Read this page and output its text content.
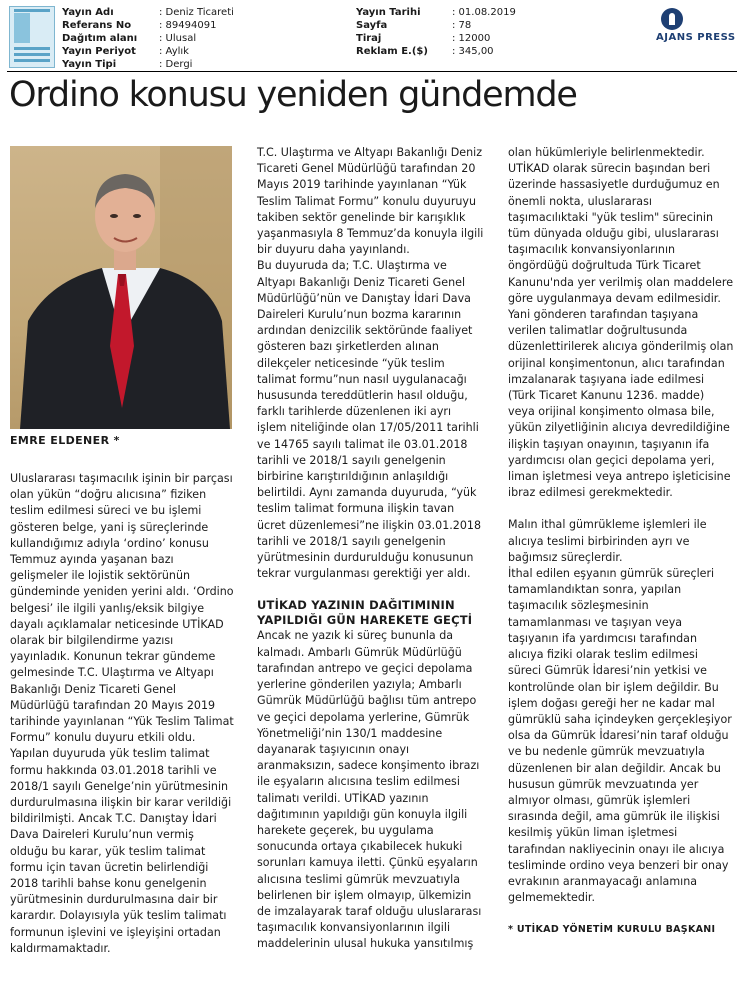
Yayın Adı	: Deniz Ticareti
Referans No	: 89494091
Dağıtım alanı	: Ulusal
Yayın Periyot	: Aylık
Yayın Tipi	: Dergi
Yayın Tarihi	: 01.08.2019
Sayfa	: 78
Tiraj	: 12000
Reklam E.($)	: 345,00
AJANS PRESS
Ordino konusu yeniden gündemde
EMRE ELDENER *

Uluslararası taşımacılık işinin bir parçası olan yükün “doğru alıcısına” fiziken teslim edilmesi süreci ve bu işlemi gösteren belge, yani iş süreçlerinde kullandığımız adıyla ‘ordino’ konusu Temmuz ayında yaşanan bazı gelişmeler ile lojistik sektörünün gündeminde yeniden yerini aldı. ‘Ordino belgesi’ ile ilgili yanlış/eksik bilgiye dayalı açıklamalar neticesinde UTİKAD olarak bir bilgilendirme yazısı yayınladık. Konunun tekrar gündeme gelmesinde T.C. Ulaştırma ve Altyapı Bakanlığı Deniz Ticareti Genel Müdürlüğü tarafından 20 Mayıs 2019 tarihinde yayınlanan “Yük Teslim Talimat Formu” konulu duyuru etkili oldu. Yapılan duyuruda yük teslim talimat formu hakkında 03.01.2018 tarihli ve 2018/1 sayılı Genelge’nin yürütmesinin durdurulmasına ilişkin bir karar verildiği bildirilmişti. Ancak T.C. Danıştay İdari Dava Daireleri Kurulu’nun vermiş olduğu bu karar, yük teslim talimat formu için tavan ücretin belirlendiği 2018 tarihli bahse konu genelgenin yürütmesinin durdurulmasına dair bir karardır. Dolayısıyla yük teslim talimatı formunun işlevini ve işleyişini ortadan kaldırmamaktadır.

T.C. Ulaştırma ve Altyapı Bakanlığı Deniz Ticareti Genel Müdürlüğü tarafından 20 Mayıs 2019 tarihinde yayınlanan “Yük Teslim Talimat Formu” konulu duyuruyu takiben sektör genelinde bir karışıklık yaşanmasıyla 8 Temmuz’da konuyla ilgili bir duyuru daha yayınlandı.

Bu duyuruda da; T.C. Ulaştırma ve Altyapı Bakanlığı Deniz Ticareti Genel Müdürlüğü’nün ve Danıştay İdari Dava Daireleri Kurulu’nun bozma kararının ardından denizcilik sektöründe faaliyet gösteren bazı şirketlerden alınan dilekçeler neticesinde “yük teslim talimat formu”nun nasıl uygulanacağı hususunda tereddütlerin hasıl olduğu, farklı tarihlerde düzenlenen iki ayrı işlem niteliğinde olan 17/05/2011 tarihli ve 14765 sayılı talimat ile 03.01.2018 tarihli ve 2018/1 sayılı genelgenin birbirine karıştırıldığının anlaşıldığı belirtildi. Aynı zamanda duyuruda, “yük teslim talimat formuna ilişkin tavan ücret düzenlemesi”ne ilişkin 03.01.2018 tarihli ve 2018/1 sayılı genelgenin yürütmesinin durdurulduğu konusunun tekrar vurgulanması gerektiği yer aldı.

UTİKAD YAZININ DAĞITIMININ YAPILDIĞI GÜN HAREKETE GEÇTİ

Ancak ne yazık ki süreç bununla da kalmadı. Ambarlı Gümrük Müdürlüğü tarafından antrepo ve geçici depolama yerlerine gönderilen yazıyla; Ambarlı Gümrük Müdürlüğü bağlısı tüm antrepo ve geçici depolama yerlerine, Gümrük Yönetmeliği’nin 130/1 maddesine dayanarak taşıyıcının onayı aranmaksızın, sadece konşimento ibrazı ile eşyaların alıcısına teslim edilmesi talimatı verildi. UTİKAD yazının dağıtımının yapıldığı gün konuyla ilgili harekete geçerek, bu uygulama sonucunda ortaya çıkabilecek hukuki sorunları kamuya iletti. Çünkü eşyaların alıcısına teslimi gümrük mevzuatıyla belirlenen bir işlem olmayıp, ülkemizin de imzalayarak taraf olduğu uluslararası taşımacılık konvansiyonlarının ilgili maddelerinin ulusal hukuka yansıtılmış

olan hükümleriyle belirlenmektedir. UTİKAD olarak sürecin başından beri üzerinde hassasiyetle durduğumuz en önemli nokta, uluslararası taşımacılıktaki "yük teslim" sürecinin tüm dünyada olduğu gibi, uluslararası taşımacılık konvansiyonlarının öngördüğü doğrultuda Türk Ticaret Kanunu'nda yer verilmiş olan maddelere göre uygulanmaya devam edilmesidir. Yani gönderen tarafından taşıyana verilen talimatlar doğrultusunda düzenlettirilerek alıcıya gönderilmiş olan orijinal konşimentonun, alıcı tarafından imzalanarak taşıyana iade edilmesi (Türk Ticaret Kanunu 1236. madde) veya orijinal konşimento olmasa bile, yükün zilyetliğinin alıcıya devredildiğine ilişkin taşıyan onayının, taşıyanın ifa yardımcısı olan geçici depolama yeri, liman işletmesi veya antrepo işleticisine ibraz edilmesi gerekmektedir.

Malın ithal gümrükleme işlemleri ile alıcıya teslimi birbirinden ayrı ve bağımsız süreçlerdir.

İthal edilen eşyanın gümrük süreçleri tamamlandıktan sonra, yapılan taşımacılık sözleşmesinin tamamlanması ve taşıyan veya taşıyanın ifa yardımcısı tarafından alıcıya fiziki olarak teslim edilmesi süreci Gümrük İdaresi’nin yetkisi ve kontrolünde olan bir işlem değildir. Bu işlem doğası gereği her ne kadar mal gümrüklü saha içindeyken gerçekleşiyor olsa da Gümrük İdaresi’nin taraf olduğu ve bu nedenle gümrük mevzuatıyla düzenlenen bir alan değildir. Ancak bu hususun gümrük mevzuatında yer almıyor olması, gümrük işlemleri sırasında değil, ama gümrük ile ilişkisi kesilmiş yükün liman işletmesi tarafından nakliyecinin onayı ile alıcıya tesliminde ordino veya benzeri bir onay evrakının aranmayacağı anlamına gelmemektedir.

* UTİKAD YÖNETİM KURULU BAŞKANI
